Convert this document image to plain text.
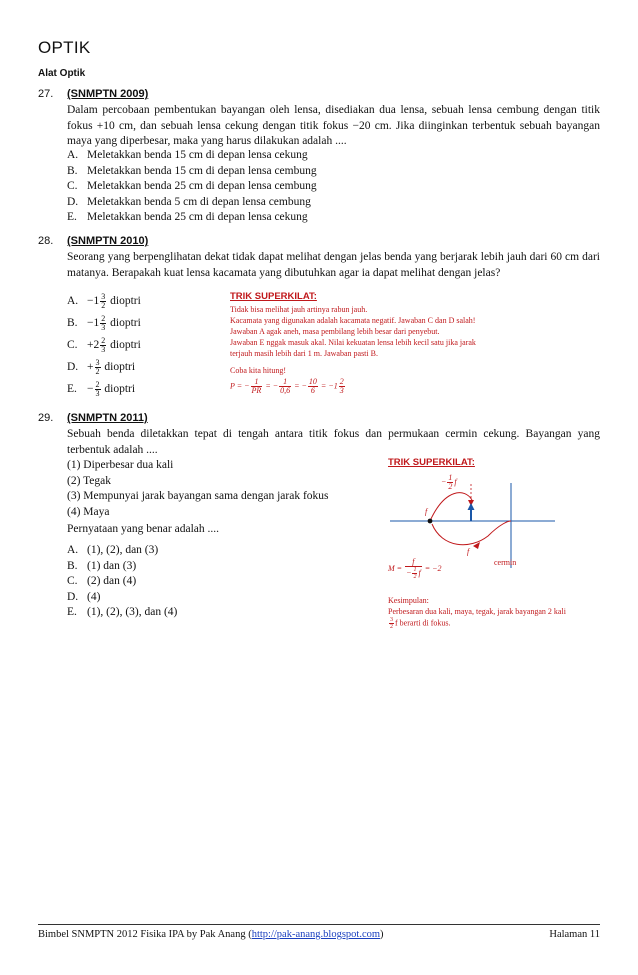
OPTIK
Alat Optik
27. (SNMPTN 2009)
Dalam percobaan pembentukan bayangan oleh lensa, disediakan dua lensa, sebuah lensa cembung dengan titik fokus +10 cm, dan sebuah lensa cekung dengan titik fokus −20 cm. Jika diinginkan terbentuk sebuah bayangan maya yang diperbesar, maka yang harus dilakukan adalah ....
A. Meletakkan benda 15 cm di depan lensa cekung
B. Meletakkan benda 15 cm di depan lensa cembung
C. Meletakkan benda 25 cm di depan lensa cembung
D. Meletakkan benda 5 cm di depan lensa cembung
E. Meletakkan benda 25 cm di depan lensa cekung
28. (SNMPTN 2010)
Seorang yang berpenglihatan dekat tidak dapat melihat dengan jelas benda yang berjarak lebih jauh dari 60 cm dari matanya. Berapakah kuat lensa kacamata yang dibutuhkan agar ia dapat melihat dengan jelas?
A. $-1 \frac{3}{2}$ dioptri
B. $-1 \frac{2}{3}$ dioptri
C. $+2 \frac{2}{3}$ dioptri
D. + $\frac{3}{2}$ dioptri
E. − $\frac{2}{3}$ dioptri
TRIK SUPERKILAT:
Tidak bisa melihat jauh artinya rabun jauh.
Kacamata yang digunakan adalah kacamata negatif. Jawaban C dan D salah!
Jawaban A agak aneh, masa pembilang lebih besar dari penyebut.
Jawaban E nggak masuk akal. Nilai kekuatan lensa lebih kecil satu jika jarak
terjauh masih lebih dari 1 m. Jawaban pasti B.
Coba kita hitung!
P = − $\frac{1}{PR}$ = − $\frac{1}{0,6}$ = − $\frac{10}{6} = -1 \frac{2}{3}$
29. (SNMPTN 2011)
Sebuah benda diletakkan tepat di tengah antara titik fokus dan permukaan cermin cekung. Bayangan yang terbentuk adalah ....
(1) Diperbesar dua kali
(2) Tegak
(3) Mempunyai jarak bayangan sama dengan jarak fokus
(4) Maya
Pernyataan yang benar adalah ....
A. (1), (2), dan (3)
B. (1) dan (3)
C. (2) dan (4)
D. (4)
E. (1), (2), (3), dan (4)
TRIK SUPERKILAT:
− $\frac{1}{2}$ f
f
f
cermin
$M = \frac{f}{- \frac{1}{2} f} = -2$
Kesimpulan:
Perbesaran dua kali, maya, tegak, jarak bayangan 2 kali
$\frac{3}{2}$ f berarti di fokus.
Bimbel SNMPTN 2012 Fisika IPA by Pak Anang (http://pak-anang.blogspot.com)	Halaman 11
